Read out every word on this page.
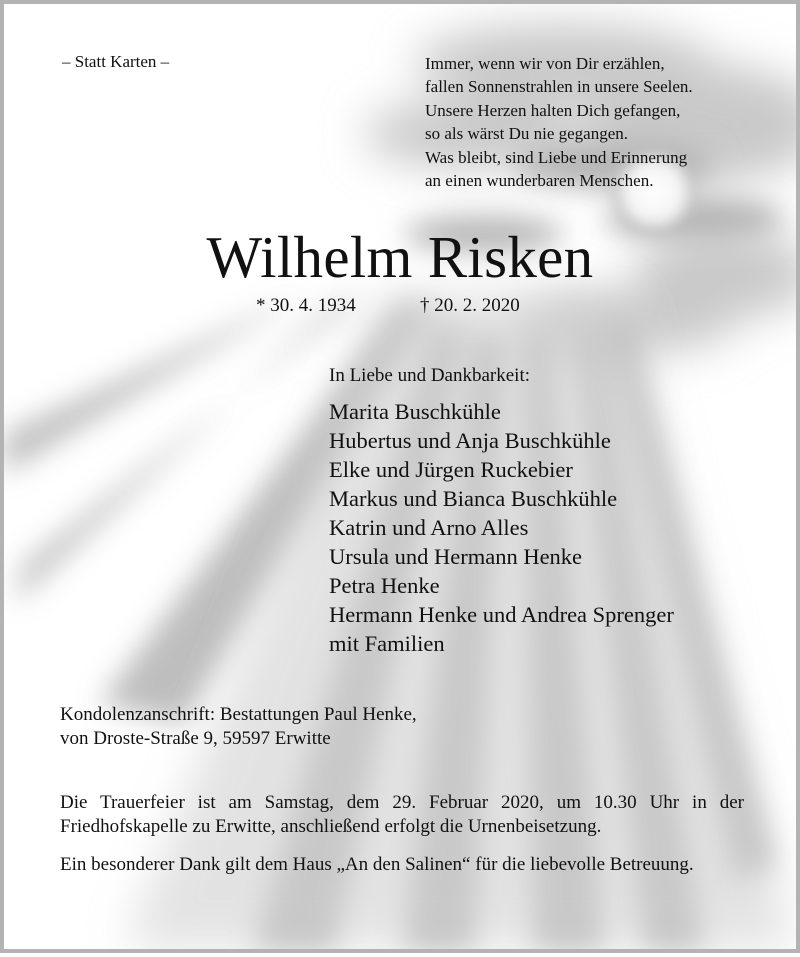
– Statt Karten –	Immer, wenn wir von Dir erzählen,
fallen Sonnenstrahlen in unsere Seelen.
Unsere Herzen halten Dich gefangen,
so als wärst Du nie gegangen.
Was bleibt, sind Liebe und Erinnerung
an einen wunderbaren Menschen.
Wilhelm Risken
* 30. 4. 1934	† 20. 2. 2020
In Liebe und Dankbarkeit:
Marita Buschkühle
Hubertus und Anja Buschkühle
Elke und Jürgen Ruckebier
Markus und Bianca Buschkühle
Katrin und Arno Alles
Ursula und Hermann Henke
Petra Henke
Hermann Henke und Andrea Sprenger
mit Familien
Kondolenzanschrift: Bestattungen Paul Henke,
von Droste-Straße 9, 59597 Erwitte
Die Trauerfeier ist am Samstag, dem 29. Februar 2020, um 10.30 Uhr in der Friedhofskapelle zu Erwitte, anschließend erfolgt die Urnenbeisetzung.
Ein besonderer Dank gilt dem Haus „An den Salinen“ für die liebevolle Betreuung.
